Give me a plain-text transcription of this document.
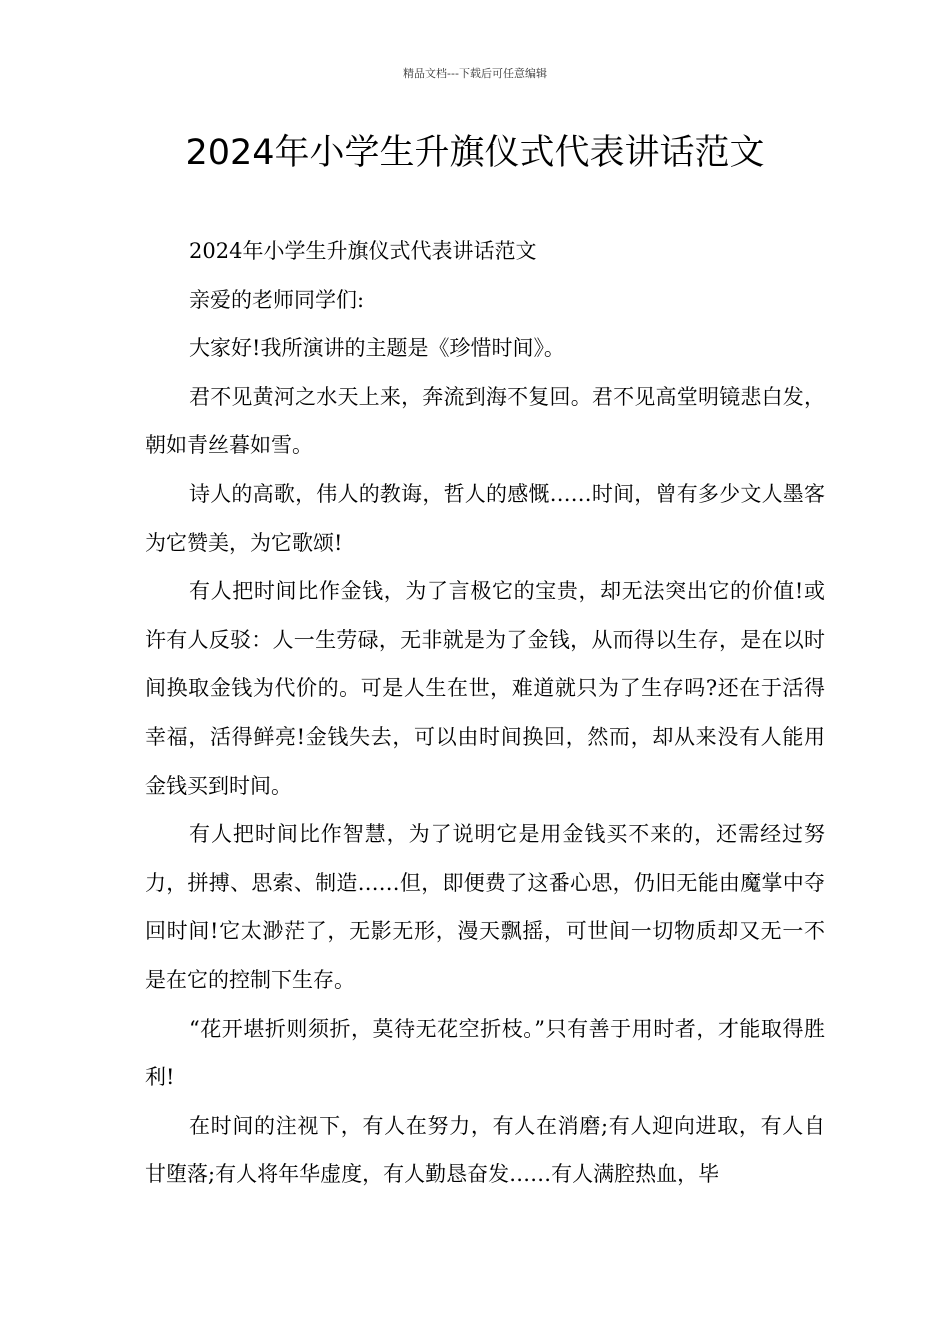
精品文档---下载后可任意编辑
2024年小学生升旗仪式代表讲话范文

2024年小学生升旗仪式代表讲话范文

亲爱的老师同学们:

大家好!我所演讲的主题是《珍惜时间》。

君不见黄河之水天上来，奔流到海不复回。君不见高堂明镜悲白发，朝如青丝暮如雪。

诗人的高歌，伟人的教诲，哲人的感慨……时间，曾有多少文人墨客为它赞美，为它歌颂!

有人把时间比作金钱，为了言极它的宝贵，却无法突出它的价值!或许有人反驳：人一生劳碌，无非就是为了金钱，从而得以生存，是在以时间换取金钱为代价的。可是人生在世，难道就只为了生存吗?还在于活得幸福，活得鲜亮!金钱失去，可以由时间换回，然而，却从来没有人能用金钱买到时间。

有人把时间比作智慧，为了说明它是用金钱买不来的，还需经过努力，拼搏、思索、制造……但，即便费了这番心思，仍旧无能由魔掌中夺回时间!它太渺茫了，无影无形，漫天飘摇，可世间一切物质却又无一不是在它的控制下生存。

“花开堪折则须折，莫待无花空折枝。”只有善于用时者，才能取得胜利!

在时间的注视下，有人在努力，有人在消磨;有人迎向进取，有人自甘堕落;有人将年华虚度，有人勤恳奋发……有人满腔热血，毕
